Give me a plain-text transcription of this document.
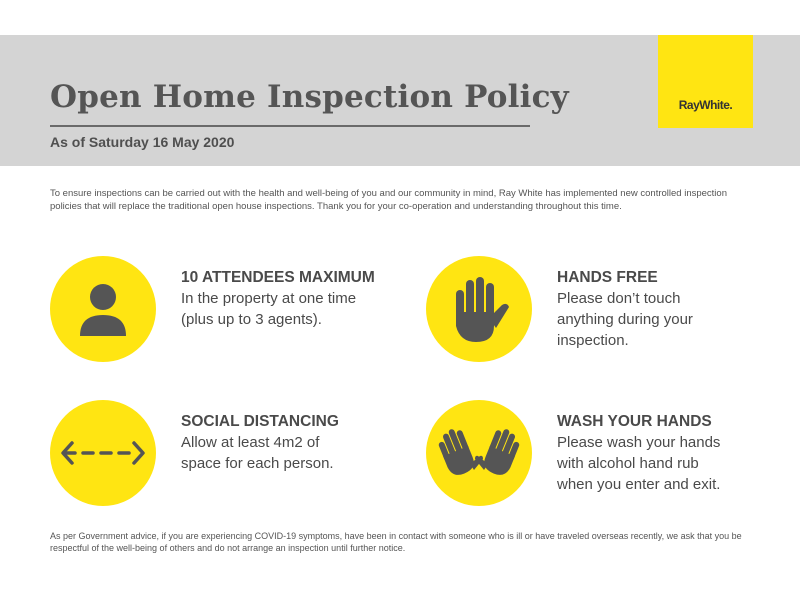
Open Home Inspection Policy

As of Saturday 16 May 2020

RayWhite.

To ensure inspections can be carried out with the health and well-being of you and our community in mind, Ray White has implemented new controlled inspection policies that will replace the traditional open house inspections. Thank you for your co-operation and understanding throughout this time.

10 ATTENDEES MAXIMUM
In the property at one time
(plus up to 3 agents).
HANDS FREE
Please don’t touch
anything during your
inspection.
SOCIAL DISTANCING
Allow at least 4m2 of
space for each person.
WASH YOUR HANDS
Please wash your hands
with alcohol hand rub
when you enter and exit.

As per Government advice, if you are experiencing COVID-19 symptoms, have been in contact with someone who is ill or have traveled overseas recently, we ask that you be respectful of the well-being of others and do not arrange an inspection until further notice.
